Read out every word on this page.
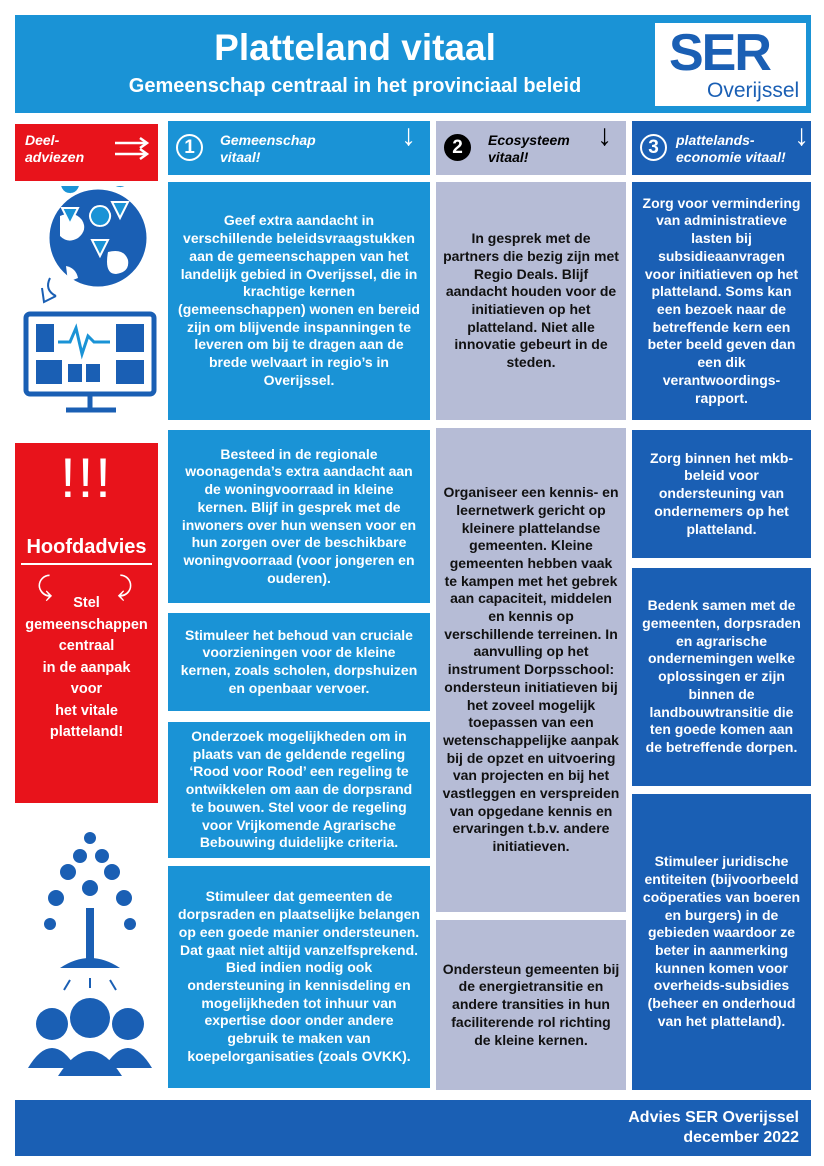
Platteland vitaal
Gemeenschap centraal in het provinciaal beleid
SER
Overijssel
Deel-
adviezen	1	Gemeenschap
vitaal!
↓	2	Ecosysteem
vitaal!
↓	3	plattelands-
economie vitaal!
↓
Geef extra aandacht in verschillende beleidsvraagstukken aan de gemeenschappen van het landelijk gebied in Overijssel, die in krachtige kernen (gemeenschappen) wonen en bereid zijn om blijvende inspanningen te leveren om bij te dragen aan de brede welvaart in regio’s in Overijssel.
Besteed in de regionale woonagenda’s extra aandacht aan de woningvoorraad in kleine kernen. Blijf in gesprek met de inwoners over hun wensen voor en hun zorgen over de beschikbare woningvoorraad (voor jongeren en ouderen).
Stimuleer het behoud van cruciale voorzieningen voor de kleine kernen, zoals scholen, dorpshuizen en openbaar vervoer.
Onderzoek mogelijkheden om in plaats van de geldende regeling ‘Rood voor Rood’ een regeling te ontwikkelen om aan de dorpsrand te bouwen. Stel voor de regeling voor Vrijkomende Agrarische Bebouwing duidelijke criteria.
Stimuleer dat gemeenten de dorpsraden en plaatselijke belangen op een goede manier ondersteunen. Dat gaat niet altijd vanzelfsprekend. Bied indien nodig ook ondersteuning in kennisdeling en mogelijkheden tot inhuur van expertise door onder andere gebruik te maken van koepelorganisaties (zoals OVKK).
In gesprek met de partners die bezig zijn met Regio Deals. Blijf aandacht houden voor de initiatieven op het platteland. Niet alle innovatie gebeurt in de steden.
Organiseer een kennis- en leernetwerk gericht op kleinere plattelandse gemeenten. Kleine gemeenten hebben vaak te kampen met het gebrek aan capaciteit, middelen en kennis op verschillende terreinen. In aanvulling op het instrument Dorpsschool: ondersteun initiatieven bij het zoveel mogelijk toepassen van een wetenschappelijke aanpak bij de opzet en uitvoering van projecten en bij het vastleggen en verspreiden van opgedane kennis en ervaringen t.b.v. andere initiatieven.
Ondersteun gemeenten bij de energietransitie en andere transities in hun faciliterende rol richting de kleine kernen.
Zorg voor vermindering van administratieve lasten bij subsidieaanvragen voor initiatieven op het platteland. Soms kan een bezoek naar de betreffende kern een beter beeld geven dan een dik verantwoordings-rapport.
Zorg binnen het mkb-beleid voor ondersteuning van ondernemers op het platteland.
Bedenk samen met de gemeenten, dorpsraden en agrarische ondernemingen welke oplossingen er zijn binnen de landbouwtransitie die ten goede komen aan de betreffende dorpen.
Stimuleer juridische entiteiten (bijvoorbeeld coöperaties van boeren en burgers) in de gebieden waardoor ze beter in aanmerking kunnen komen voor overheids-subsidies (beheer en onderhoud van het platteland).
!!!
Hoofdadvies
⤹ ⤸
Stel
gemeenschappen
centraal
in de aanpak
voor
het vitale
platteland!
Advies SER Overijssel
december 2022
